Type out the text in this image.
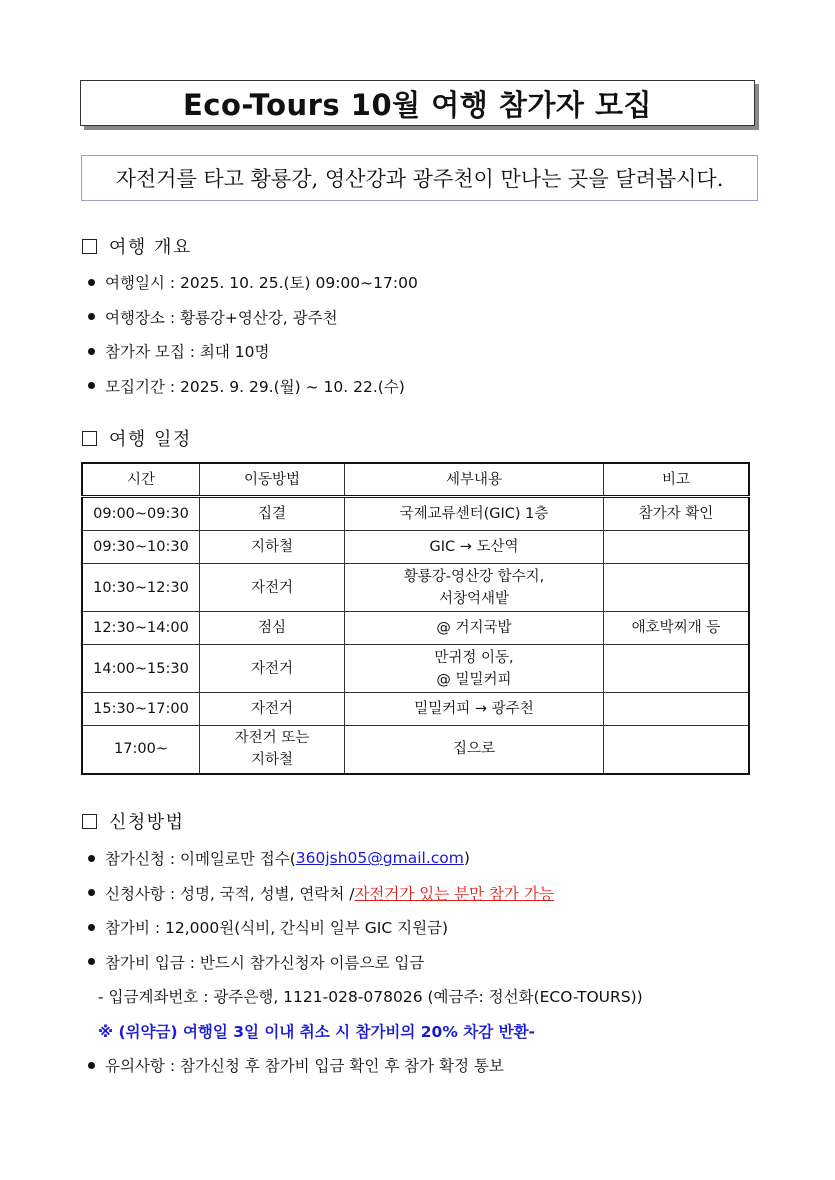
Eco-Tours 10월 여행 참가자 모집
자전거를 타고 황룡강, 영산강과 광주천이 만나는 곳을 달려봅시다.
여행 개요
여행일시 : 2025. 10. 25.(토) 09:00~17:00
여행장소 : 황룡강+영산강, 광주천
참가자 모집 : 최대 10명
모집기간 : 2025. 9. 29.(월) ~ 10. 22.(수)
여행 일정
시간	이동방법	세부내용	비고
09:00~09:30	집결	국제교류센터(GIC) 1층	참가자 확인
09:30~10:30	지하철	GIC → 도산역	
10:30~12:30	자전거	황룡강-영산강 합수지,
서창억새밭	
12:30~14:00	점심	@ 거지국밥	애호박찌개 등
14:00~15:30	자전거	만귀정 이동,
@ 밀밀커피	
15:30~17:00	자전거	밀밀커피 → 광주천	
17:00~	자전거 또는
지하철	집으로	
신청방법
참가신청 : 이메일로만 접수( 360jsh05@gmail.com )
신청사항 : 성명, 국적, 성별, 연락처 / 자전거가 있는 분만 참가 가능
참가비 : 12,000원(식비, 간식비 일부 GIC 지원금)
참가비 입금 : 반드시 참가신청자 이름으로 입금
- 입금계좌번호 : 광주은행, 1121-028-078026 (예금주: 정선화(ECO-TOURS))
※ (위약금) 여행일 3일 이내 취소 시 참가비의 20% 차감 반환-
유의사항 : 참가신청 후 참가비 입금 확인 후 참가 확정 통보
